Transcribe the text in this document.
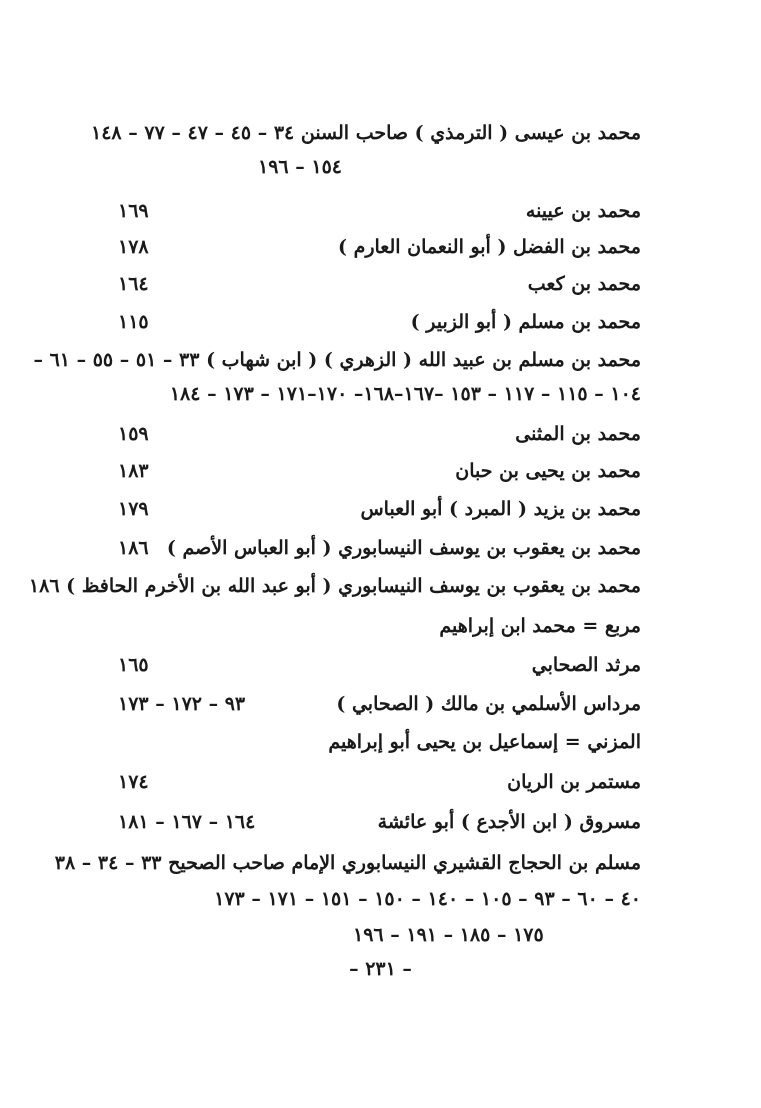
محمد بن عيسى ( الترمذي ) صاحب السنن ٣٤ – ٤٥ – ٤٧ – ٧٧ – ١٤٨
١٥٤ – ١٩٦
محمد بن عيينه
١٦٩
محمد بن الفضل ( أبو النعمان العارم )
١٧٨
محمد بن كعب
١٦٤
محمد بن مسلم ( أبو الزبير )
١١٥
محمد بن مسلم بن عبيد الله ( الزهري ) ( ابن شهاب ) ٣٣ – ٥١ – ٥٥ – ٦١ –
١٠٤ – ١١٥ – ١١٧ – ١٥٣ –١٦٧–١٦٨– ١٧٠–١٧١ – ١٧٣ – ١٨٤
محمد بن المثنى
١٥٩
محمد بن يحيى بن حبان
١٨٣
محمد بن يزيد ( المبرد ) أبو العباس
١٧٩
محمد بن يعقوب بن يوسف النيسابوري ( أبو العباس الأصم )
١٨٦
محمد بن يعقوب بن يوسف النيسابوري ( أبو عبد الله بن الأخرم الحافظ ) ١٨٦
مربع = محمد ابن إبراهيم
مرثد الصحابي
١٦٥
مرداس الأسلمي بن مالك ( الصحابي )
٩٣ – ١٧٢ – ١٧٣
المزني = إسماعيل بن يحيى أبو إبراهيم
مستمر بن الريان
١٧٤
مسروق ( ابن الأجدع ) أبو عائشة
١٦٤ – ١٦٧ – ١٨١
مسلم بن الحجاج القشيري النيسابوري الإمام صاحب الصحيح ٣٣ – ٣٤ – ٣٨
٤٠ – ٦٠ – ٩٣ – ١٠٥ – ١٤٠ – ١٥٠ – ١٥١ – ١٧١ – ١٧٣
١٧٥ – ١٨٥ – ١٩١ – ١٩٦
– ٢٣١ –
